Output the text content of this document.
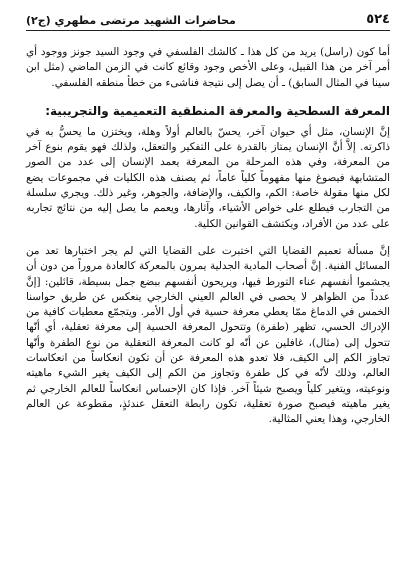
٥٢٤
محاضرات الشهيد مرتضى مطهري (ج٢)

أما كون (راسل) يريد من كل هذا ـ كالشك الفلسفي في وجود السيد جونز ووجود أي أمر آخر من هذا القبيل، وعلى الأخص وجود وقائع كانت في الزمن الماضي (مثل ابن سينا في المثال السابق) ـ أن يصل إلى نتيجة فناشىء من خطأ منطقه الفلسفي.

المعرفة السطحية والمعرفة المنطقية التعميمية والتجريبية:

إنَّ الإنسان، مثل أي حيوان آخر، يحسّ بالعالم أولاً وهلة، ويختزن ما يحسُّ به في ذاكرته. إلاَّ أنَّ الإنسان يمتاز بالقدرة على التفكير والتعقل، ولذلك فهو يقوم بنوع آخر من المعرفة، وفي هذه المرحلة من المعرفة يعمد الإنسان إلى عدد من الصور المتشابهة فيصوغ منها مفهوماً كلياً عاماً، ثم يصنف هذه الكليات في مجموعات يضع لكل منها مقولة خاصة: الكم، والكيف، والإضافة، والجوهر، وغير ذلك. ويجري سلسلة من التجارب فيطلع على خواص الأشياء، وآثارها، ويعمم ما يصل إليه من نتائج تجاربه على عدد من الأفراد، ويكتشف القوانين الكلية.

إنَّ مسألة تعميم القضايا التي اختبرت على القضايا التي لم يجر اختبارها تعد من المسائل الفنية. إنَّ أصحاب المادية الجدلية يمرون بالمعركة كالعادة مروراً من دون أن يجشموا أنفسهم عناء التورط فيها، ويريحون أنفسهم ببضع جمل بسيطة، قائلين: [إنَّ عدداً من الظواهر لا يحصى في العالم العيني الخارجي ينعكس عن طريق حواسنا الخمس في الدماغ ممّا يعطي معرفة حسية في أول الأمر. ويتجمّع معطيات كافية من الإدراك الحسي، تظهر (طفرة) وتتحول المعرفة الحسية إلى معرفة تعقلية، أي أنّها تتحول إلى (مثال)، غافلين عن أنّه لو كانت المعرفة التعقلية من نوع الطفرة وأنّها تجاوز الكم إلى الكيف، فلا تعدو هذه المعرفة عن أن تكون انعكاساً من انعكاسات العالم، وذلك لأنّه في كل طفرة وتجاوز من الكم إلى الكيف يغير الشيء ماهيته ونوعيته، ويتغير كلياً ويصبح شيئاً آخر. فإذا كان الإحساس انعكاساً للعالم الخارجي ثم يغير ماهيته فيصبح صورة تعقلية، تكون رابطة التعقل عندئذٍ، مقطوعة عن العالم الخارجي، وهذا يعني المثالية.
